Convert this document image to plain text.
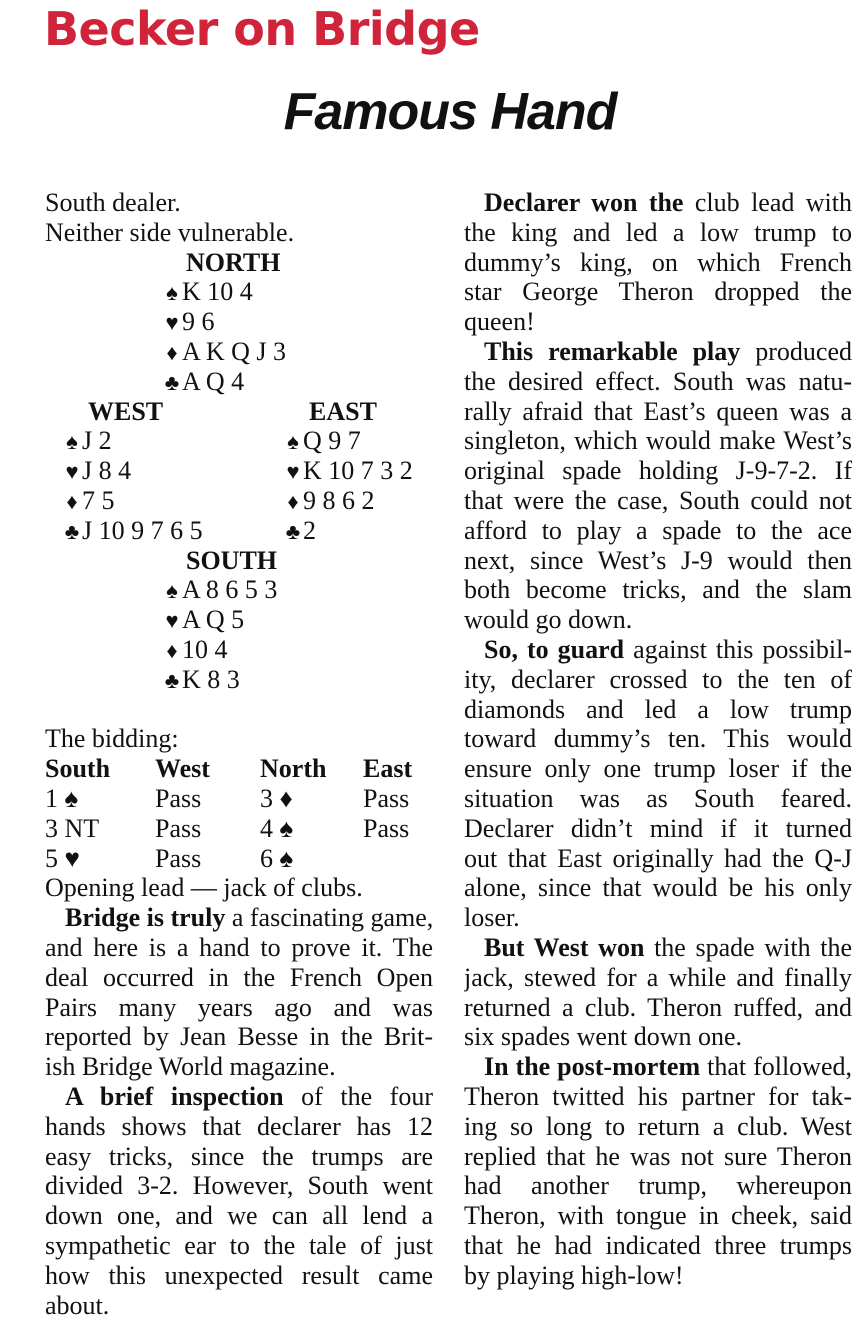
Becker on Bridge
Famous Hand
South dealer.
Neither side vulnerable.
NORTH
♠ K 10 4
♥ 9 6
♦ A K Q J 3
♣ A Q 4
WEST
♠ J 2
♥ J 8 4
♦ 7 5
♣ J 10 9 7 6 5
EAST
♠ Q 9 7
♥ K 10 7 3 2
♦ 9 8 6 2
♣ 2
SOUTH
♠ A 8 6 5 3
♥ A Q 5
♦ 10 4
♣ K 8 3
The bidding:
South West North East
1 ♠	Pass 3 ♦	Pass
3 NT Pass 4 ♠	Pass
5 ♥	Pass 6 ♠
Opening lead — jack of clubs.
Bridge is truly a fascinating game,
and here is a hand to prove it. The
deal occurred in the French Open
Pairs many years ago and was
reported by Jean Besse in the Brit-
ish Bridge World magazine.
A brief inspection of the four
hands shows that declarer has 12
easy tricks, since the trumps are
divided 3-2. However, South went
down one, and we can all lend a
sympathetic ear to the tale of just
how this unexpected result came
about.
Declarer won the club lead with
the king and led a low trump to
dummy’s king, on which French
star George Theron dropped the
queen!
This remarkable play produced
the desired effect. South was natu-
rally afraid that East’s queen was a
singleton, which would make West’s
original spade holding J-9-7-2. If
that were the case, South could not
afford to play a spade to the ace
next, since West’s J-9 would then
both become tricks, and the slam
would go down.
So, to guard against this possibil-
ity, declarer crossed to the ten of
diamonds and led a low trump
toward dummy’s ten. This would
ensure only one trump loser if the
situation was as South feared.
Declarer didn’t mind if it turned
out that East originally had the Q-J
alone, since that would be his only
loser.
But West won the spade with the
jack, stewed for a while and finally
returned a club. Theron ruffed, and
six spades went down one.
In the post-mortem that followed,
Theron twitted his partner for tak-
ing so long to return a club. West
replied that he was not sure Theron
had another trump, whereupon
Theron, with tongue in cheek, said
that he had indicated three trumps
by playing high-low!
